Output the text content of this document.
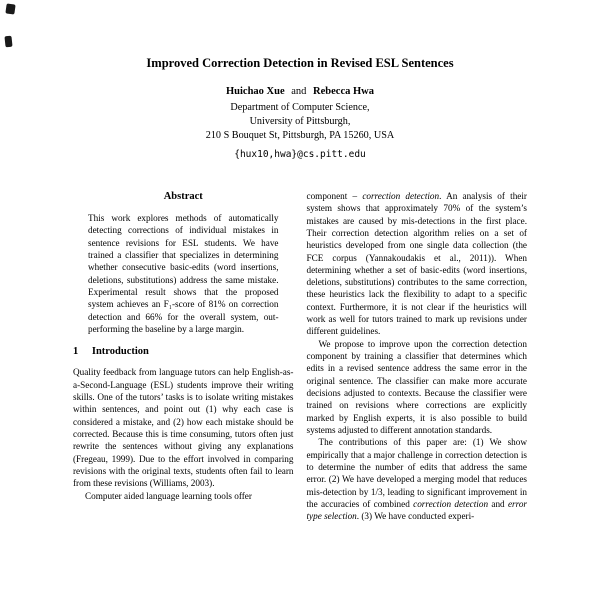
Improved Correction Detection in Revised ESL Sentences
Huichao Xue and Rebecca Hwa
Department of Computer Science,
University of Pittsburgh,
210 S Bouquet St, Pittsburgh, PA 15260, USA
{hux10,hwa}@cs.pitt.edu
Abstract

This work explores methods of automatically detecting corrections of individual mistakes in sentence revisions for ESL students. We have trained a classifier that specializes in determining whether consecutive basic-edits (word insertions, deletions, substitutions) address the same mistake. Experimental result shows that the proposed system achieves an F₁-score of 81% on correction detection and 66% for the overall system, out-performing the baseline by a large margin.

1 Introduction

Quality feedback from language tutors can help English-as-a-Second-Language (ESL) students improve their writing skills. One of the tutors’ tasks is to isolate writing mistakes within sentences, and point out (1) why each case is considered a mistake, and (2) how each mistake should be corrected. Because this is time consuming, tutors often just rewrite the sentences without giving any explanations (Fregeau, 1999). Due to the effort involved in comparing revisions with the original texts, students often fail to learn from these revisions (Williams, 2003).

Computer aided language learning tools offer

component – correction detection. An analysis of their system shows that approximately 70% of the system’s mistakes are caused by mis-detections in the first place. Their correction detection algorithm relies on a set of heuristics developed from one single data collection (the FCE corpus (Yannakoudakis et al., 2011)). When determining whether a set of basic-edits (word insertions, deletions, substitutions) contributes to the same correction, these heuristics lack the flexibility to adapt to a specific context. Furthermore, it is not clear if the heuristics will work as well for tutors trained to mark up revisions under different guidelines.

We propose to improve upon the correction detection component by training a classifier that determines which edits in a revised sentence address the same error in the original sentence. The classifier can make more accurate decisions adjusted to contexts. Because the classifier were trained on revisions where corrections are explicitly marked by English experts, it is also possible to build systems adjusted to different annotation standards.

The contributions of this paper are: (1) We show empirically that a major challenge in correction detection is to determine the number of edits that address the same error. (2) We have developed a merging model that reduces mis-detection by 1/3, leading to significant improvement in the accuracies of combined correction detection and error type selection. (3) We have conducted experi-
